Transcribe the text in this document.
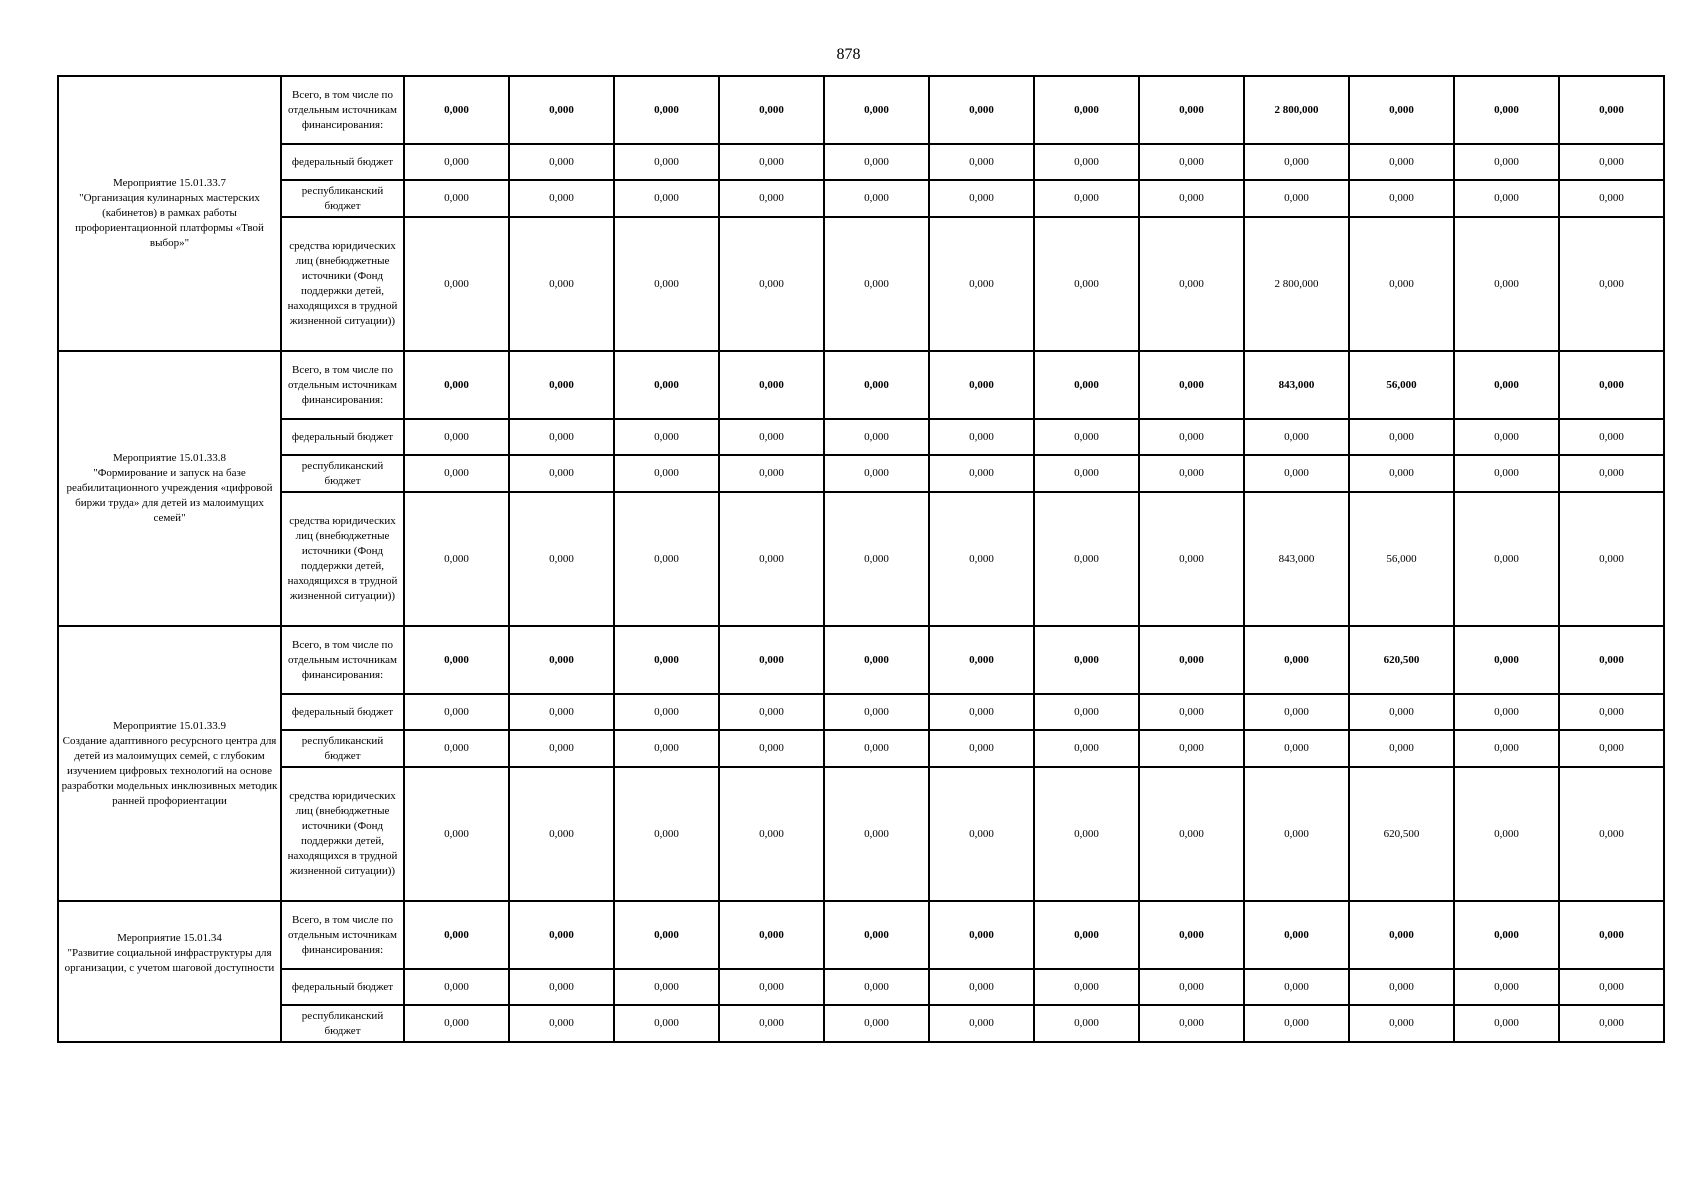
878
Мероприятие 15.01.33.7
"Организация кулинарных мастерских (кабинетов) в рамках работы профориентационной платформы «Твой выбор»"	Всего, в том числе по отдельным источникам финансирования:	0,000	0,000	0,000	0,000	0,000	0,000	0,000	0,000	2 800,000	0,000	0,000	0,000
	федеральный бюджет	0,000	0,000	0,000	0,000	0,000	0,000	0,000	0,000	0,000	0,000	0,000	0,000
	республиканский бюджет	0,000	0,000	0,000	0,000	0,000	0,000	0,000	0,000	0,000	0,000	0,000	0,000
	средства юридических лиц (внебюджетные источники (Фонд поддержки детей, находящихся в трудной жизненной ситуации))	0,000	0,000	0,000	0,000	0,000	0,000	0,000	0,000	2 800,000	0,000	0,000	0,000

Мероприятие 15.01.33.8
"Формирование и запуск на базе реабилитационного учреждения «цифровой биржи труда» для детей из малоимущих семей"	Всего, в том числе по отдельным источникам финансирования:	0,000	0,000	0,000	0,000	0,000	0,000	0,000	0,000	843,000	56,000	0,000	0,000
	федеральный бюджет	0,000	0,000	0,000	0,000	0,000	0,000	0,000	0,000	0,000	0,000	0,000	0,000
	республиканский бюджет	0,000	0,000	0,000	0,000	0,000	0,000	0,000	0,000	0,000	0,000	0,000	0,000
	средства юридических лиц (внебюджетные источники (Фонд поддержки детей, находящихся в трудной жизненной ситуации))	0,000	0,000	0,000	0,000	0,000	0,000	0,000	0,000	843,000	56,000	0,000	0,000

Мероприятие 15.01.33.9
Создание адаптивного ресурсного центра для детей из малоимущих семей, с глубоким изучением цифровых технологий на основе разработки модельных инклюзивных методик ранней профориентации	Всего, в том числе по отдельным источникам финансирования:	0,000	0,000	0,000	0,000	0,000	0,000	0,000	0,000	0,000	620,500	0,000	0,000
	федеральный бюджет	0,000	0,000	0,000	0,000	0,000	0,000	0,000	0,000	0,000	0,000	0,000	0,000
	республиканский бюджет	0,000	0,000	0,000	0,000	0,000	0,000	0,000	0,000	0,000	0,000	0,000	0,000
	средства юридических лиц (внебюджетные источники (Фонд поддержки детей, находящихся в трудной жизненной ситуации))	0,000	0,000	0,000	0,000	0,000	0,000	0,000	0,000	0,000	620,500	0,000	0,000

Мероприятие 15.01.34
"Развитие социальной инфраструктуры для организации, с учетом шаговой доступности	Всего, в том числе по отдельным источникам финансирования:	0,000	0,000	0,000	0,000	0,000	0,000	0,000	0,000	0,000	0,000	0,000	0,000
	федеральный бюджет	0,000	0,000	0,000	0,000	0,000	0,000	0,000	0,000	0,000	0,000	0,000	0,000
	республиканский бюджет	0,000	0,000	0,000	0,000	0,000	0,000	0,000	0,000	0,000	0,000	0,000	0,000
